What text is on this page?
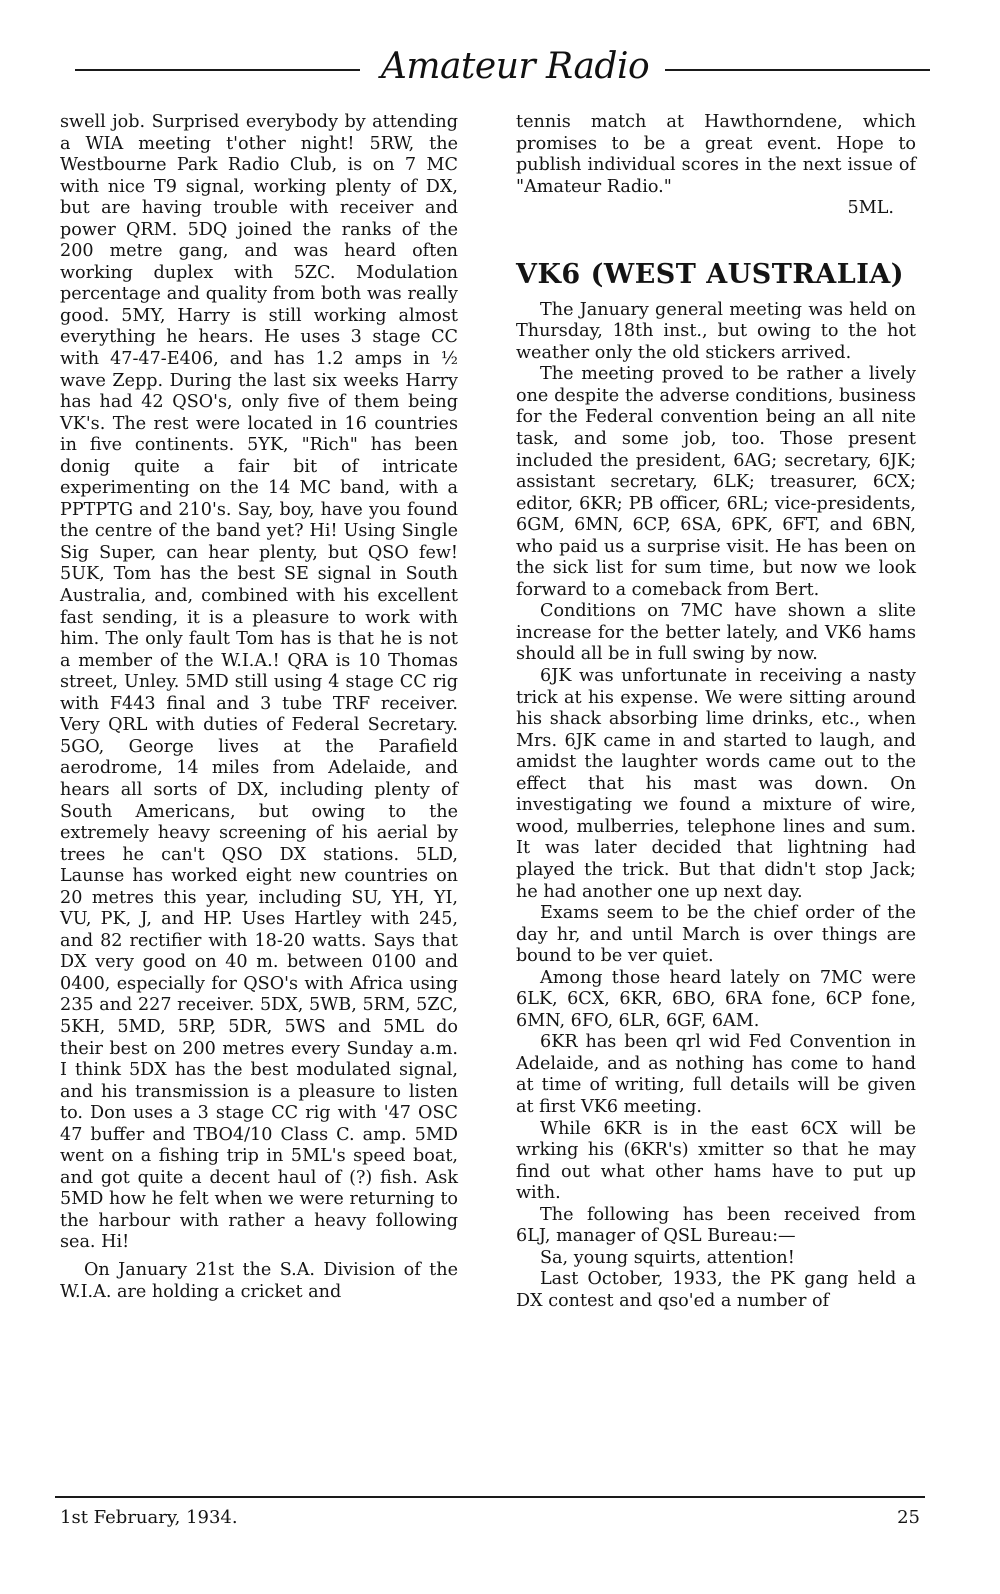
Amateur Radio

swell job. Surprised everybody by attending a WIA meeting t'other night! 5RW, the Westbourne Park Radio Club, is on 7 MC with nice T9 signal, working plenty of DX, but are having trouble with receiver and power QRM. 5DQ joined the ranks of the 200 metre gang, and was heard often working duplex with 5ZC. Modulation percentage and quality from both was really good. 5MY, Harry is still working almost everything he hears. He uses 3 stage CC with 47-47-E406, and has 1.2 amps in ½ wave Zepp. During the last six weeks Harry has had 42 QSO's, only five of them being VK's. The rest were located in 16 countries in five continents. 5YK, "Rich" has been donig quite a fair bit of intricate experimenting on the 14 MC band, with a PPTPTG and 210's. Say, boy, have you found the centre of the band yet? Hi! Using Single Sig Super, can hear plenty, but QSO few! 5UK, Tom has the best SE signal in South Australia, and, combined with his excellent fast sending, it is a pleasure to work with him. The only fault Tom has is that he is not a member of the W.I.A.! QRA is 10 Thomas street, Unley. 5MD still using 4 stage CC rig with F443 final and 3 tube TRF receiver. Very QRL with duties of Federal Secretary. 5GO, George lives at the Parafield aerodrome, 14 miles from Adelaide, and hears all sorts of DX, including plenty of South Americans, but owing to the extremely heavy screening of his aerial by trees he can't QSO DX stations. 5LD, Launse has worked eight new countries on 20 metres this year, including SU, YH, YI, VU, PK, J, and HP. Uses Hartley with 245, and 82 rectifier with 18-20 watts. Says that DX very good on 40 m. between 0100 and 0400, especially for QSO's with Africa using 235 and 227 receiver. 5DX, 5WB, 5RM, 5ZC, 5KH, 5MD, 5RP, 5DR, 5WS and 5ML do their best on 200 metres every Sunday a.m. I think 5DX has the best modulated signal, and his transmission is a pleasure to listen to. Don uses a 3 stage CC rig with '47 OSC 47 buffer and TBO4/10 Class C. amp. 5MD went on a fishing trip in 5ML's speed boat, and got quite a decent haul of (?) fish. Ask 5MD how he felt when we were returning to the harbour with rather a heavy following sea. Hi!

On January 21st the S.A. Division of the W.I.A. are holding a cricket and

tennis match at Hawthorndene, which promises to be a great event. Hope to publish individual scores in the next issue of "Amateur Radio."

5ML.

VK6 (WEST AUSTRALIA)

The January general meeting was held on Thursday, 18th inst., but owing to the hot weather only the old stickers arrived.

The meeting proved to be rather a lively one despite the adverse conditions, business for the Federal convention being an all nite task, and some job, too. Those present included the president, 6AG; secretary, 6JK; assistant secretary, 6LK; treasurer, 6CX; editor, 6KR; PB officer, 6RL; vice-presidents, 6GM, 6MN, 6CP, 6SA, 6PK, 6FT, and 6BN, who paid us a surprise visit. He has been on the sick list for sum time, but now we look forward to a comeback from Bert.

Conditions on 7MC have shown a slite increase for the better lately, and VK6 hams should all be in full swing by now.

6JK was unfortunate in receiving a nasty trick at his expense. We were sitting around his shack absorbing lime drinks, etc., when Mrs. 6JK came in and started to laugh, and amidst the laughter words came out to the effect that his mast was down. On investigating we found a mixture of wire, wood, mulberries, telephone lines and sum. It was later decided that lightning had played the trick. But that didn't stop Jack; he had another one up next day.

Exams seem to be the chief order of the day hr, and until March is over things are bound to be ver quiet.

Among those heard lately on 7MC were 6LK, 6CX, 6KR, 6BO, 6RA fone, 6CP fone, 6MN, 6FO, 6LR, 6GF, 6AM.

6KR has been qrl wid Fed Convention in Adelaide, and as nothing has come to hand at time of writing, full details will be given at first VK6 meeting.

While 6KR is in the east 6CX will be wrking his (6KR's) xmitter so that he may find out what other hams have to put up with.

The following has been received from 6LJ, manager of QSL Bureau:—

Sa, young squirts, attention!

Last October, 1933, the PK gang held a DX contest and qso'ed a number of

1st February, 1934.	25
